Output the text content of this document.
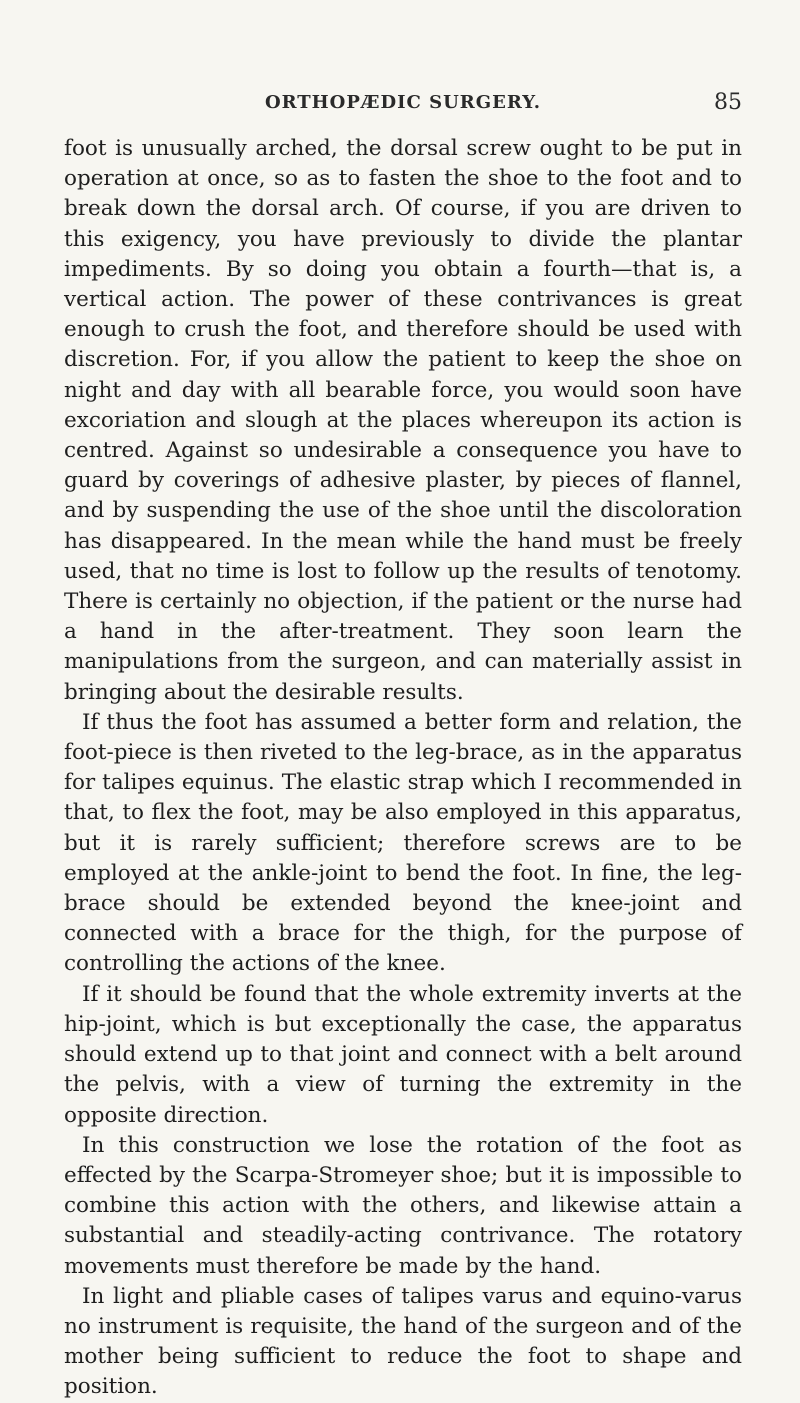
ORTHOPÆDIC SURGERY.	85

foot is unusually arched, the dorsal screw ought to be put in operation at once, so as to fasten the shoe to the foot and to break down the dorsal arch. Of course, if you are driven to this exigency, you have previously to divide the plantar impediments. By so doing you obtain a fourth—that is, a vertical action. The power of these contrivances is great enough to crush the foot, and therefore should be used with discretion. For, if you allow the patient to keep the shoe on night and day with all bearable force, you would soon have excoriation and slough at the places whereupon its action is centred. Against so undesirable a consequence you have to guard by coverings of adhesive plaster, by pieces of flannel, and by suspending the use of the shoe until the discoloration has disappeared. In the mean while the hand must be freely used, that no time is lost to follow up the results of tenotomy. There is certainly no objection, if the patient or the nurse had a hand in the after-treatment. They soon learn the manipulations from the surgeon, and can materially assist in bringing about the desirable results.

If thus the foot has assumed a better form and relation, the foot-piece is then riveted to the leg-brace, as in the apparatus for talipes equinus. The elastic strap which I recommended in that, to flex the foot, may be also employed in this apparatus, but it is rarely sufficient; therefore screws are to be employed at the ankle-joint to bend the foot. In fine, the leg-brace should be extended beyond the knee-joint and connected with a brace for the thigh, for the purpose of controlling the actions of the knee.

If it should be found that the whole extremity inverts at the hip-joint, which is but exceptionally the case, the apparatus should extend up to that joint and connect with a belt around the pelvis, with a view of turning the extremity in the opposite direction.

In this construction we lose the rotation of the foot as effected by the Scarpa-Stromeyer shoe; but it is impossible to combine this action with the others, and likewise attain a substantial and steadily-acting contrivance. The rotatory movements must therefore be made by the hand.

In light and pliable cases of talipes varus and equino-varus no instrument is requisite, the hand of the surgeon and of the mother being sufficient to reduce the foot to shape and position.
